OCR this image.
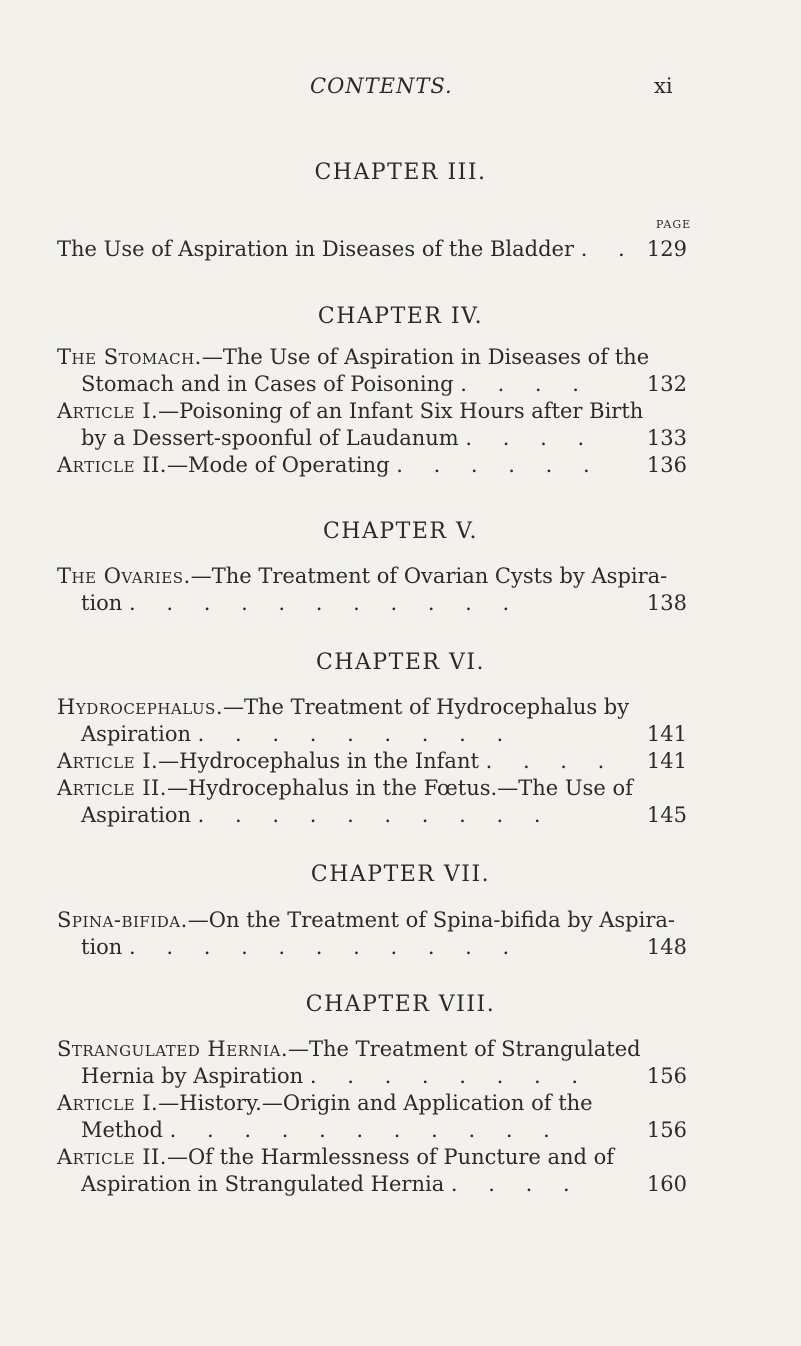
CONTENTS.	xi
PAGE
CHAPTER III.
The Use of Aspiration in Diseases of the Bladder . . 129
CHAPTER IV.
The Stomach.—The Use of Aspiration in Diseases of the
Stomach and in Cases of Poisoning . . . .	132
Article I.—Poisoning of an Infant Six Hours after Birth
by a Dessert-spoonful of Laudanum . . . . 133
Article II.—Mode of Operating . . . . . . 136
CHAPTER V.
The Ovaries.—The Treatment of Ovarian Cysts by Aspira-
tion . . . . . . . . . . .	138
CHAPTER VI.
Hydrocephalus.—The Treatment of Hydrocephalus by
Aspiration . . . . . . . . .	141
Article I.—Hydrocephalus in the Infant . . . . 141
Article II.—Hydrocephalus in the Fœtus.—The Use of
Aspiration . . . . . . . . . .	145
CHAPTER VII.
Spina-bifida.—On the Treatment of Spina-bifida by Aspira-
tion . . . . . . . . . . .	148
CHAPTER VIII.
Strangulated Hernia.—The Treatment of Strangulated
Hernia by Aspiration . . . . . . . .	156
Article I.—History.—Origin and Application of the
Method . . . . . . . . . . .	156
Article II.—Of the Harmlessness of Puncture and of
Aspiration in Strangulated Hernia . . . .	160
